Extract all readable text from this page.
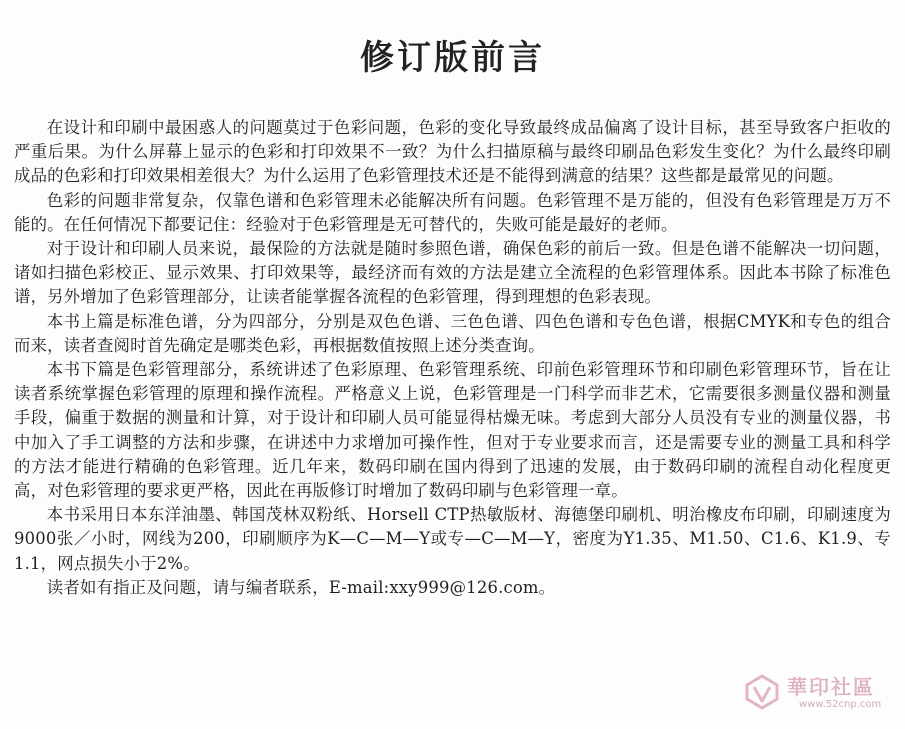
修订版前言

在设计和印刷中最困惑人的问题莫过于色彩问题，色彩的变化导致最终成品偏离了设计目标，甚至导致客户拒收的严重后果。为什么屏幕上显示的色彩和打印效果不一致？为什么扫描原稿与最终印刷品色彩发生变化？为什么最终印刷成品的色彩和打印效果相差很大？为什么运用了色彩管理技术还是不能得到满意的结果？这些都是最常见的问题。

色彩的问题非常复杂，仅靠色谱和色彩管理未必能解决所有问题。色彩管理不是万能的，但没有色彩管理是万万不能的。在任何情况下都要记住：经验对于色彩管理是无可替代的，失败可能是最好的老师。

对于设计和印刷人员来说，最保险的方法就是随时参照色谱，确保色彩的前后一致。但是色谱不能解决一切问题，诸如扫描色彩校正、显示效果、打印效果等，最经济而有效的方法是建立全流程的色彩管理体系。因此本书除了标准色谱，另外增加了色彩管理部分，让读者能掌握各流程的色彩管理，得到理想的色彩表现。

本书上篇是标准色谱，分为四部分，分别是双色色谱、三色色谱、四色色谱和专色色谱，根据CMYK和专色的组合而来，读者查阅时首先确定是哪类色彩，再根据数值按照上述分类查询。

本书下篇是色彩管理部分，系统讲述了色彩原理、色彩管理系统、印前色彩管理环节和印刷色彩管理环节，旨在让读者系统掌握色彩管理的原理和操作流程。严格意义上说，色彩管理是一门科学而非艺术，它需要很多测量仪器和测量手段，偏重于数据的测量和计算，对于设计和印刷人员可能显得枯燥无味。考虑到大部分人员没有专业的测量仪器，书中加入了手工调整的方法和步骤，在讲述中力求增加可操作性，但对于专业要求而言，还是需要专业的测量工具和科学的方法才能进行精确的色彩管理。近几年来，数码印刷在国内得到了迅速的发展，由于数码印刷的流程自动化程度更高，对色彩管理的要求更严格，因此在再版修订时增加了数码印刷与色彩管理一章。

本书采用日本东洋油墨、韩国茂林双粉纸、Horsell CTP热敏版材、海德堡印刷机、明治橡皮布印刷，印刷速度为9000张／小时，网线为200，印刷顺序为K—C—M—Y或专—C—M—Y，密度为Y1.35、M1.50、C1.6、K1.9、专1.1，网点损失小于2%。

读者如有指正及问题，请与编者联系，E-mail:xxy999@126.com。

華印社區
www.52cnp.com
